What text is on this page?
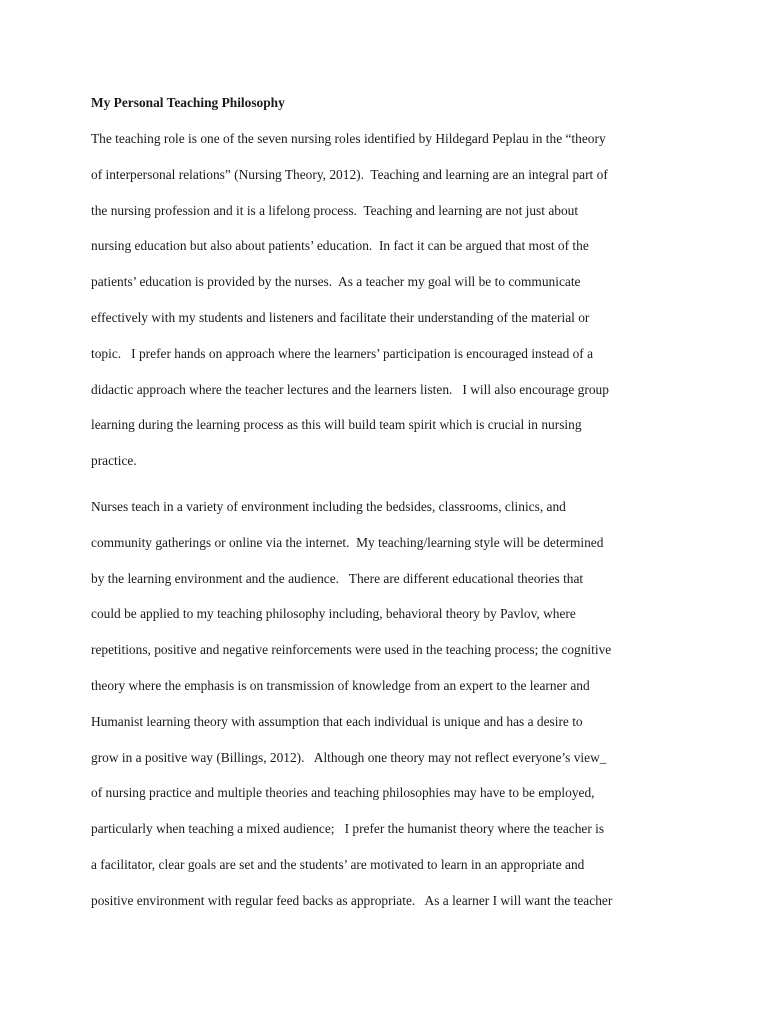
My Personal Teaching Philosophy
The teaching role is one of the seven nursing roles identified by Hildegard Peplau in the “theory
of interpersonal relations” (Nursing Theory, 2012).  Teaching and learning are an integral part of
the nursing profession and it is a lifelong process.  Teaching and learning are not just about
nursing education but also about patients’ education.  In fact it can be argued that most of the
patients’ education is provided by the nurses.  As a teacher my goal will be to communicate
effectively with my students and listeners and facilitate their understanding of the material or
topic.   I prefer hands on approach where the learners’ participation is encouraged instead of a
didactic approach where the teacher lectures and the learners listen.   I will also encourage group
learning during the learning process as this will build team spirit which is crucial in nursing
practice.
Nurses teach in a variety of environment including the bedsides, classrooms, clinics, and
community gatherings or online via the internet.  My teaching/learning style will be determined
by the learning environment and the audience.   There are different educational theories that
could be applied to my teaching philosophy including, behavioral theory by Pavlov, where
repetitions, positive and negative reinforcements were used in the teaching process; the cognitive
theory where the emphasis is on transmission of knowledge from an expert to the learner and
Humanist learning theory with assumption that each individual is unique and has a desire to
grow in a positive way (Billings, 2012).   Although one theory may not reflect everyone’s view_
of nursing practice and multiple theories and teaching philosophies may have to be employed,
particularly when teaching a mixed audience;   I prefer the humanist theory where the teacher is
a facilitator, clear goals are set and the students’ are motivated to learn in an appropriate and
positive environment with regular feed backs as appropriate.   As a learner I will want the teacher
